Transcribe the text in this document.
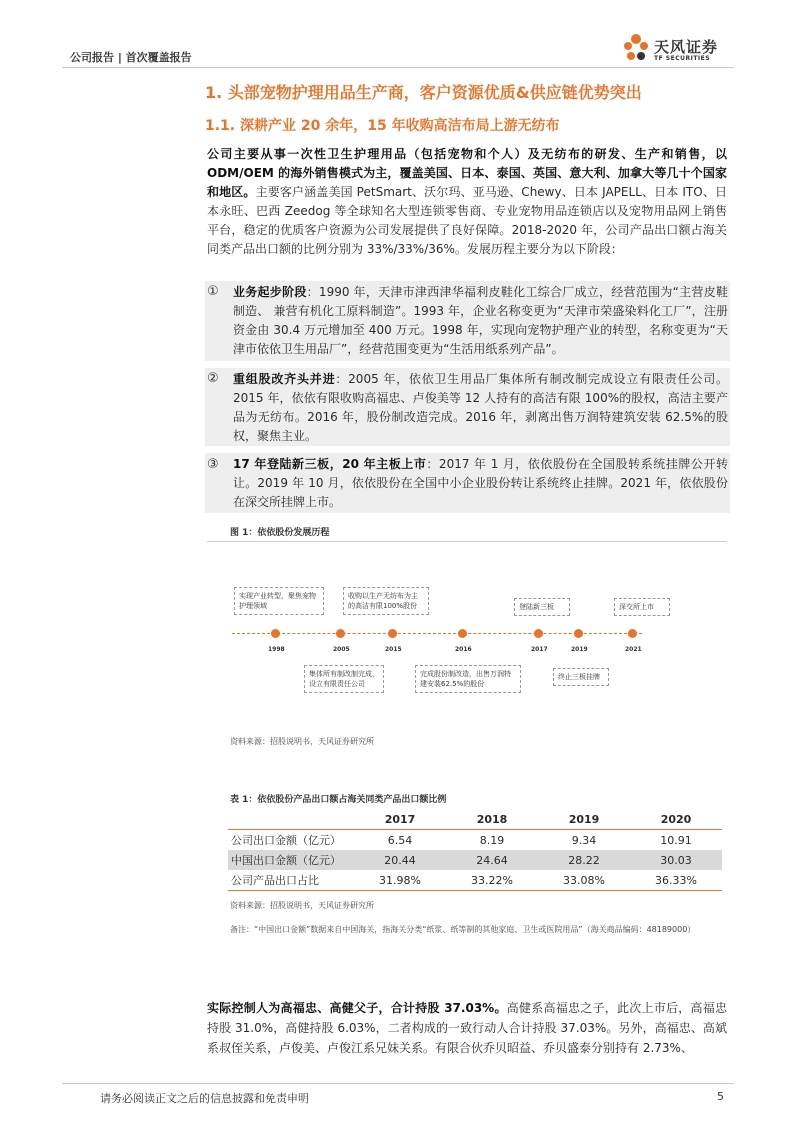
公司报告 | 首次覆盖报告
天风证券
TF SECURITIES
1. 头部宠物护理用品生产商，客户资源优质&供应链优势突出
1.1. 深耕产业 20 余年，15 年收购高洁布局上游无纺布
公司主要从事一次性卫生护理用品（包括宠物和个人）及无纺布的研发、生产和销售，以 ODM/OEM 的海外销售模式为主，覆盖美国、日本、泰国、英国、意大利、加拿大等几十个国家和地区。主要客户涵盖美国 PetSmart、沃尔玛、亚马逊、Chewy、日本 JAPELL、日本 ITO、日本永旺、巴西 Zeedog 等全球知名大型连锁零售商、专业宠物用品连锁店以及宠物用品网上销售平台，稳定的优质客户资源为公司发展提供了良好保障。2018-2020 年，公司产品出口额占海关同类产品出口额的比例分别为 33%/33%/36%。发展历程主要分为以下阶段：
① 业务起步阶段：1990 年，天津市津西津华福利皮鞋化工综合厂成立，经营范围为“主营皮鞋制造、 兼营有机化工原料制造”。1993 年，企业名称变更为“天津市荣盛染料化工厂”，注册资金由 30.4 万元增加至 400 万元。1998 年，实现向宠物护理产业的转型，名称变更为“天津市依依卫生用品厂”，经营范围变更为“生活用纸系列产品”。
② 重组股改齐头并进：2005 年，依依卫生用品厂集体所有制改制完成设立有限责任公司。2015 年，依依有限收购高福忠、卢俊美等 12 人持有的高洁有限 100%的股权，高洁主要产品为无纺布。2016 年，股份制改造完成。2016 年，剥离出售万润特建筑安装 62.5%的股权，聚焦主业。
③ 17 年登陆新三板，20 年主板上市：2017 年 1 月，依依股份在全国股转系统挂牌公开转让。2019 年 10 月，依依股份在全国中小企业股份转让系统终止挂牌。2021 年，依依股份在深交所挂牌上市。
图 1：依依股份发展历程
1998	2005	2015	2016	2017	2019	2021
实现产业转型，聚焦宠物护理领域
收购以生产无纺布为主的高洁有限100%股份	登陆新三板	深交所上市
集体所有制改制完成，设立有限责任公司
完成股份制改造，出售万润特建安装62.5%的股份
终止三板挂牌
资料来源：招股说明书，天风证券研究所
表 1：依依股份产品出口额占海关同类产品出口额比例
	2017	2018	2019	2020
公司出口金额（亿元）	6.54	8.19	9.34	10.91
中国出口金额（亿元）	20.44	24.64	28.22	30.03
公司产品出口占比	31.98%	33.22%	33.08%	36.33%
资料来源：招股说明书，天风证券研究所
备注：“中国出口金额”数据来自中国海关，指海关分类“纸浆、纸等制的其他家庭、卫生或医院用品”（海关商品编码：48189000）
实际控制人为高福忠、高健父子，合计持股 37.03%。高健系高福忠之子，此次上市后，高福忠持股 31.0%，高健持股 6.03%，二者构成的一致行动人合计持股 37.03%。另外，高福忠、高斌系叔侄关系，卢俊美、卢俊江系兄妹关系。有限合伙乔贝昭益、乔贝盛泰分别持有 2.73%、
请务必阅读正文之后的信息披露和免责申明	5
